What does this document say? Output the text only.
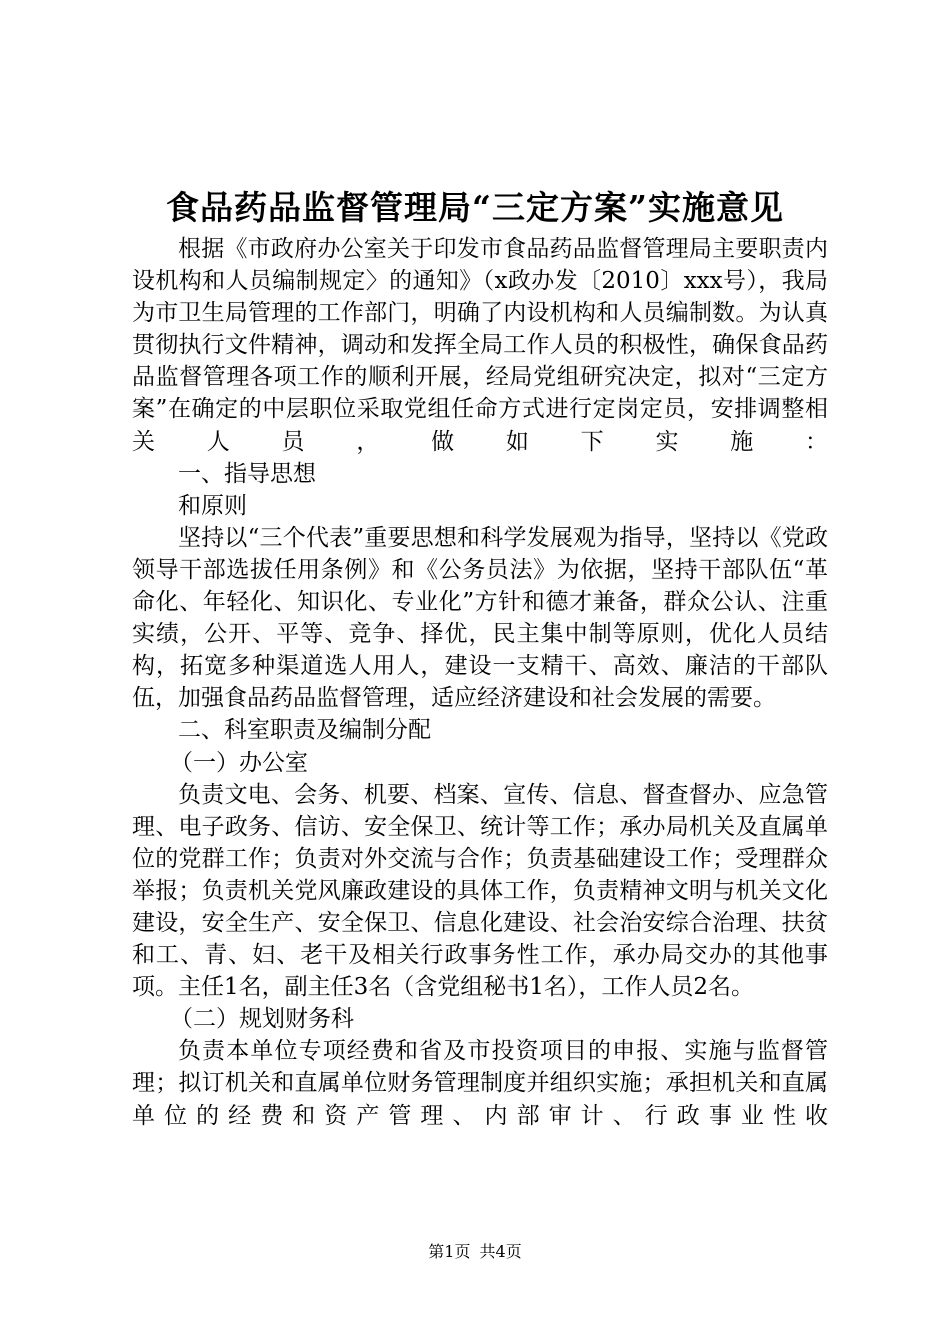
食品药品监督管理局“三定方案”实施意见

根据《市政府办公室关于印发市食品药品监督管理局主要职责内设机构和人员编制规定〉的通知》（x政办发〔2010〕xxx号），我局为市卫生局管理的工作部门，明确了内设机构和人员编制数。为认真贯彻执行文件精神，调动和发挥全局工作人员的积极性，确保食品药品监督管理各项工作的顺利开展，经局党组研究决定，拟对“三定方案”在确定的中层职位采取党组任命方式进行定岗定员，安排调整相关人员，做如下实施：

一、指导思想

和原则

坚持以“三个代表”重要思想和科学发展观为指导，坚持以《党政领导干部选拔任用条例》和《公务员法》为依据，坚持干部队伍“革命化、年轻化、知识化、专业化”方针和德才兼备，群众公认、注重实绩，公开、平等、竞争、择优，民主集中制等原则，优化人员结构，拓宽多种渠道选人用人，建设一支精干、高效、廉洁的干部队伍，加强食品药品监督管理，适应经济建设和社会发展的需要。

二、科室职责及编制分配

（一）办公室

负责文电、会务、机要、档案、宣传、信息、督查督办、应急管理、电子政务、信访、安全保卫、统计等工作；承办局机关及直属单位的党群工作；负责对外交流与合作；负责基础建设工作；受理群众举报；负责机关党风廉政建设的具体工作，负责精神文明与机关文化建设，安全生产、安全保卫、信息化建设、社会治安综合治理、扶贫和工、青、妇、老干及相关行政事务性工作，承办局交办的其他事项。主任1名，副主任3名（含党组秘书1名），工作人员2名。

（二）规划财务科

负责本单位专项经费和省及市投资项目的申报、实施与监督管理；拟订机关和直属单位财务管理制度并组织实施；承担机关和直属单位的经费和资产管理、内部审计、行政事业性收

第1页 共4页
